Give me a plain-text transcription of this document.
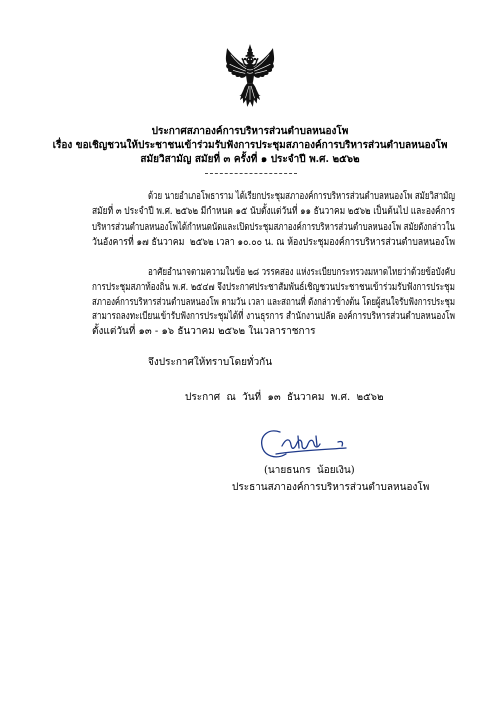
ประกาศสภาองค์การบริหารส่วนตำบลหนองโพ
เรื่อง ขอเชิญชวนให้ประชาชนเข้าร่วมรับฟังการประชุมสภาองค์การบริหารส่วนตำบลหนองโพ
สมัยวิสามัญ สมัยที่ ๓ ครั้งที่ ๑ ประจำปี พ.ศ. ๒๕๖๒
ด้วย นายอำเภอโพธาราม ได้เรียกประชุมสภาองค์การบริหารส่วนตำบลหนองโพ สมัยวิสามัญ
สมัยที่ ๓ ประจำปี พ.ศ. ๒๕๖๒ มีกำหนด ๑๕ นับตั้งแต่วันที่ ๑๑ ธันวาคม ๒๕๖๒ เป็นต้นไป และองค์การ
บริหารส่วนตำบลหนองโพได้กำหนดนัดและเปิดประชุมสภาองค์การบริหารส่วนตำบลหนองโพ สมัยดังกล่าวใน
วันอังคารที่ ๑๗ ธันวาคม  ๒๕๖๒ เวลา ๑๐.๐๐ น. ณ ห้องประชุมองค์การบริหารส่วนตำบลหนองโพ
อาศัยอำนาจตามความในข้อ ๒๘ วรรคสอง แห่งระเบียบกระทรวงมหาดไทยว่าด้วยข้อบังคับ
การประชุมสภาท้องถิ่น พ.ศ. ๒๕๔๗ จึงประกาศประชาสัมพันธ์เชิญชวนประชาชนเข้าร่วมรับฟังการประชุม
สภาองค์การบริหารส่วนตำบลหนองโพ ตามวัน เวลา และสถานที่ ดังกล่าวข้างต้น โดยผู้สนใจรับฟังการประชุม
สามารถลงทะเบียนเข้ารับฟังการประชุมได้ที่ งานธุรการ สำนักงานปลัด องค์การบริหารส่วนตำบลหนองโพ
ตั้งแต่วันที่ ๑๓ - ๑๖ ธันวาคม ๒๕๖๒ ในเวลาราชการ
จึงประกาศให้ทราบโดยทั่วกัน
ประกาศ  ณ  วันที่  ๑๓  ธันวาคม  พ.ศ.  ๒๕๖๒
(นายธนกร  น้อยเงิน)
ประธานสภาองค์การบริหารส่วนตำบลหนองโพ
